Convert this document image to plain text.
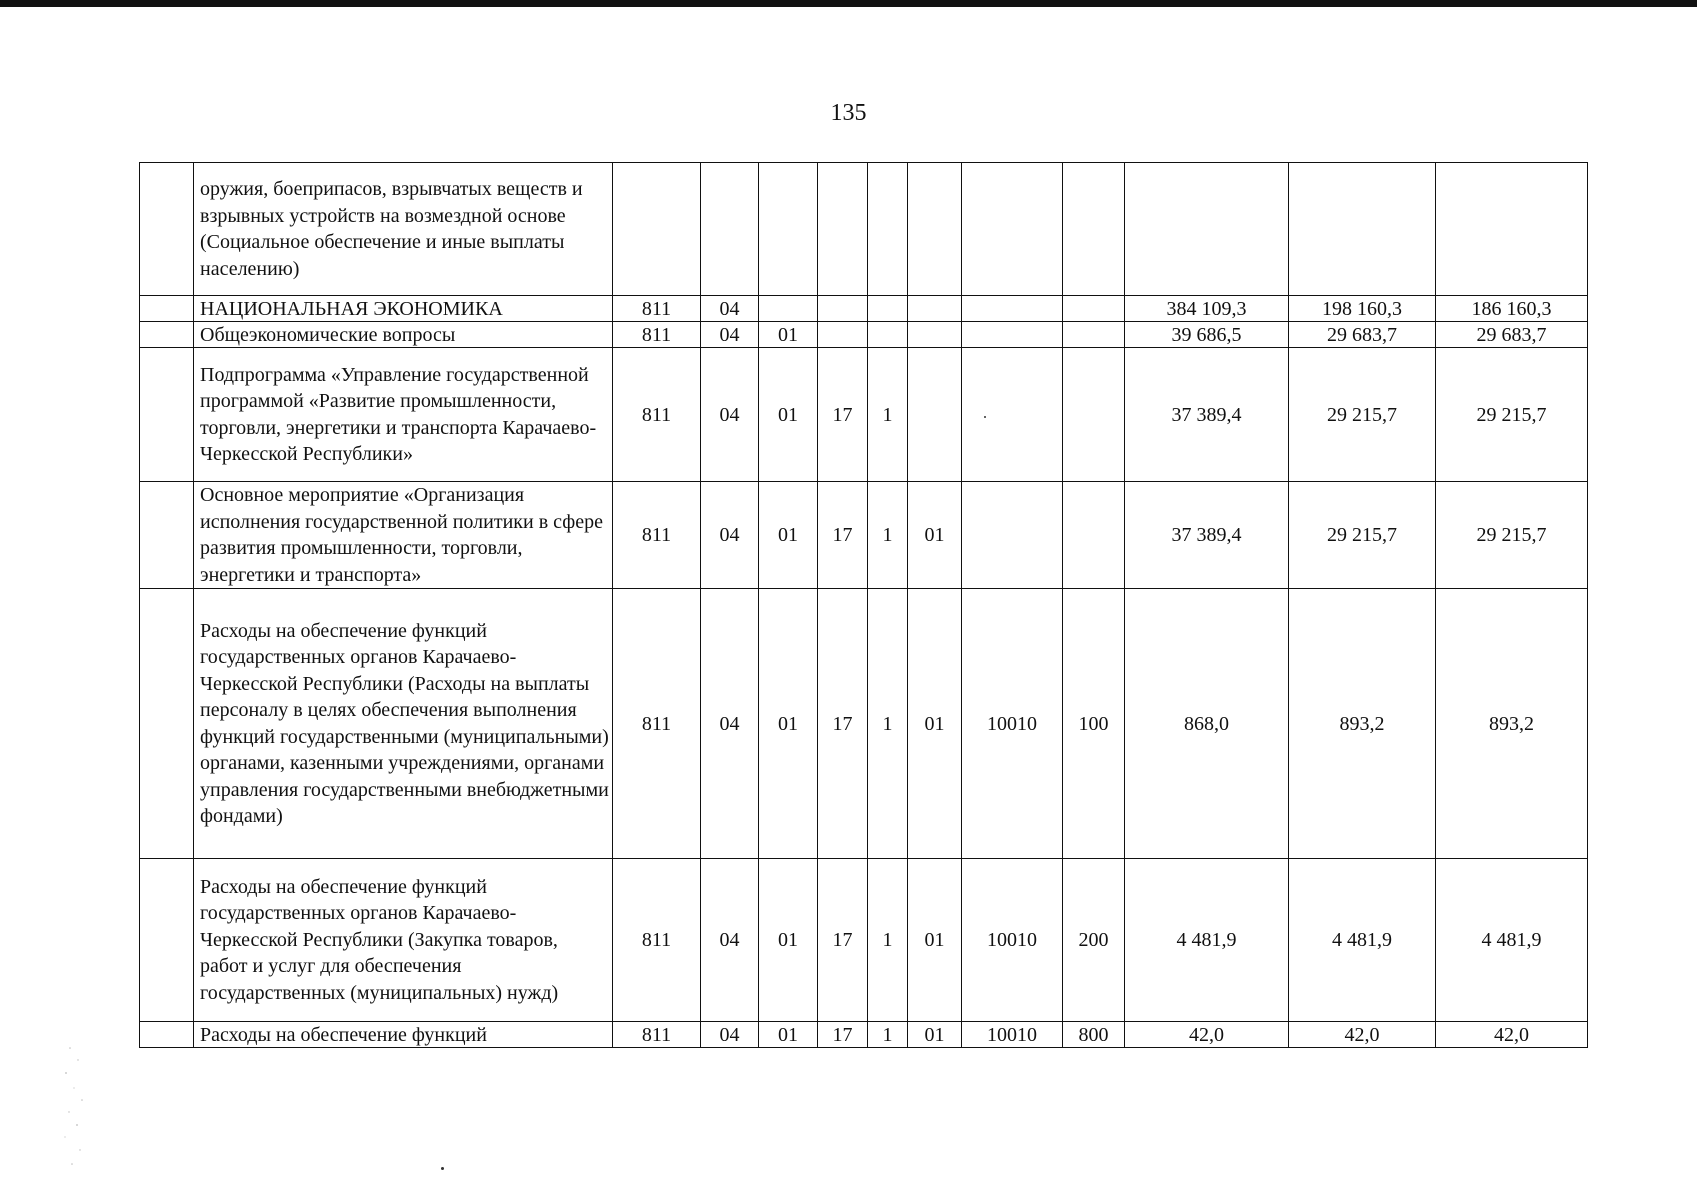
135
	оружия, боеприпасов, взрывчатых веществ и взрывных устройств на возмездной основе (Социальное обеспечение и иные выплаты населению)											
	НАЦИОНАЛЬНАЯ ЭКОНОМИКА	811	04							384 109,3	198 160,3	186 160,3
	Общеэкономические вопросы	811	04	01						39 686,5	29 683,7	29 683,7
	Подпрограмма «Управление государственной программой «Развитие промышленности, торговли, энергетики и транспорта Карачаево-Черкесской Республики»	811	04	01	17	1				37 389,4	29 215,7	29 215,7
	Основное мероприятие «Организация исполнения государственной политики в сфере развития промышленности, торговли, энергетики и транспорта»	811	04	01	17	1	01			37 389,4	29 215,7	29 215,7
	Расходы на обеспечение функций государственных органов Карачаево-Черкесской Республики (Расходы на выплаты персоналу в целях обеспечения выполнения функций государственными (муниципальными) органами, казенными учреждениями, органами управления государственными внебюджетными фондами)	811	04	01	17	1	01	10010	100	868,0	893,2	893,2
	Расходы на обеспечение функций государственных органов Карачаево-Черкесской Республики (Закупка товаров, работ и услуг для обеспечения государственных (муниципальных) нужд)	811	04	01	17	1	01	10010	200	4 481,9	4 481,9	4 481,9
	Расходы на обеспечение функций	811	04	01	17	1	01	10010	800	42,0	42,0	42,0
